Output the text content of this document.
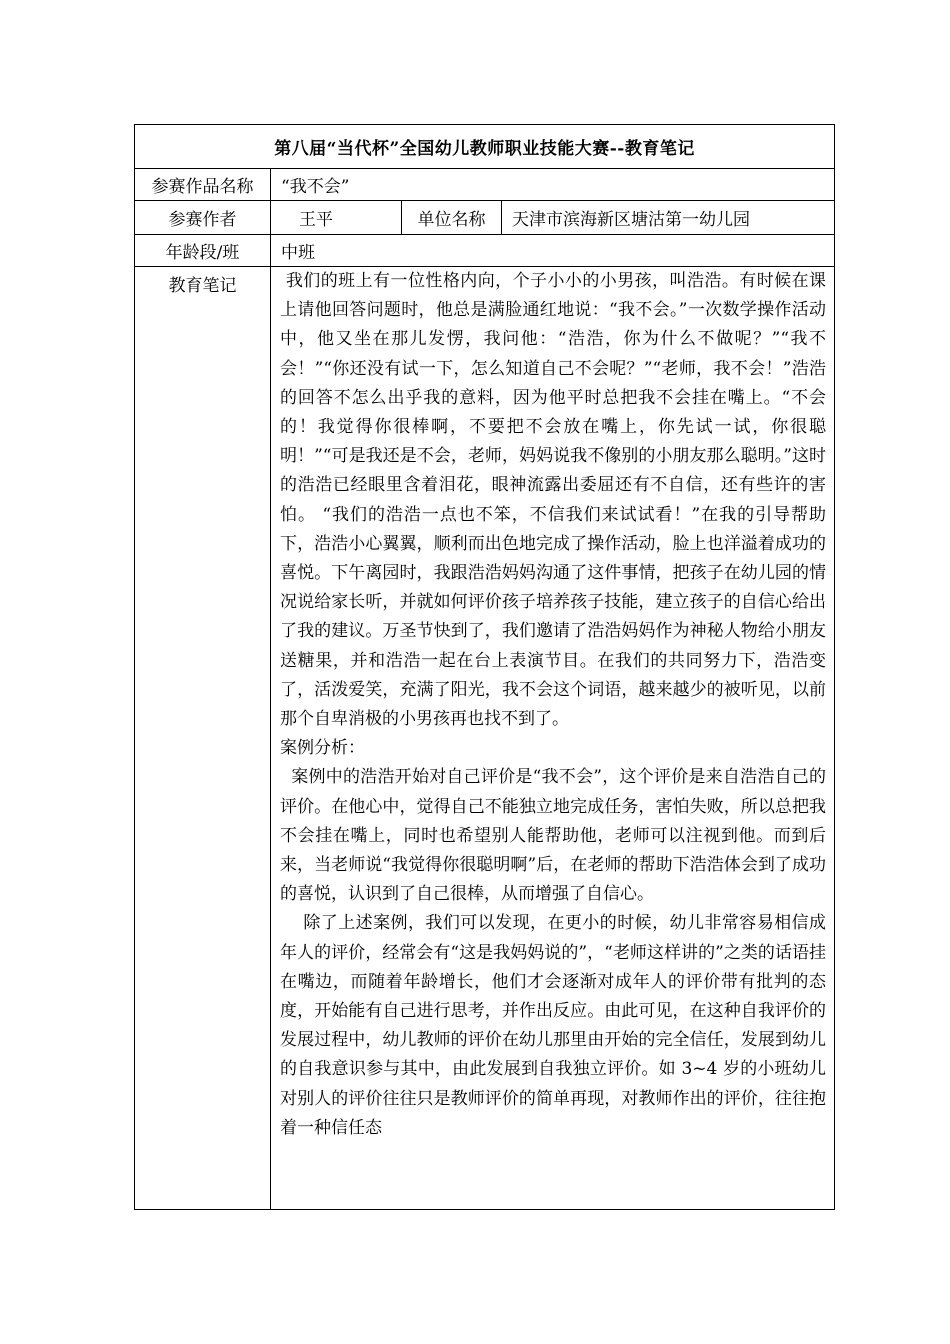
第八届“当代杯”全国幼儿教师职业技能大赛--教育笔记			
参赛作品名称	“我不会”		
参赛作者	王平	单位名称	天津市滨海新区塘沽第一幼儿园
年龄段/班	中班		
教育笔记	我们的班上有一位性格内向，个子小小的小男孩，叫浩浩。有时候在课上请他回答问题时，他总是满脸通红地说：“我不会。”一次数学操作活动中，他又坐在那儿发愣，我问他：“浩浩，你为什么不做呢？”“我不会！”“你还没有试一下，怎么知道自己不会呢？”“老师，我不会！”浩浩的回答不怎么出乎我的意料，因为他平时总把我不会挂在嘴上。“不会的！我觉得你很棒啊，不要把不会放在嘴上，你先试一试，你很聪明！”“可是我还是不会，老师，妈妈说我不像别的小朋友那么聪明。”这时的浩浩已经眼里含着泪花，眼神流露出委屈还有不自信，还有些许的害怕。 “我们的浩浩一点也不笨，不信我们来试试看！”在我的引导帮助下，浩浩小心翼翼，顺利而出色地完成了操作活动，脸上也洋溢着成功的喜悦。下午离园时，我跟浩浩妈妈沟通了这件事情，把孩子在幼儿园的情况说给家长听，并就如何评价孩子培养孩子技能，建立孩子的自信心给出了我的建议。万圣节快到了，我们邀请了浩浩妈妈作为神秘人物给小朋友送糖果，并和浩浩一起在台上表演节目。在我们的共同努力下，浩浩变了，活泼爱笑，充满了阳光，我不会这个词语，越来越少的被听见，以前那个自卑消极的小男孩再也找不到了。

案例分析：

案例中的浩浩开始对自己评价是“我不会”，这个评价是来自浩浩自己的评价。在他心中，觉得自己不能独立地完成任务，害怕失败，所以总把我不会挂在嘴上，同时也希望别人能帮助他，老师可以注视到他。而到后来，当老师说“我觉得你很聪明啊”后，在老师的帮助下浩浩体会到了成功的喜悦，认识到了自己很棒，从而增强了自信心。

除了上述案例，我们可以发现，在更小的时候，幼儿非常容易相信成年人的评价，经常会有“这是我妈妈说的”，“老师这样讲的”之类的话语挂在嘴边，而随着年龄增长，他们才会逐渐对成年人的评价带有批判的态度，开始能有自己进行思考，并作出反应。由此可见，在这种自我评价的发展过程中，幼儿教师的评价在幼儿那里由开始的完全信任，发展到幼儿的自我意识参与其中，由此发展到自我独立评价。如 3~4 岁的小班幼儿对别人的评价往往只是教师评价的简单再现，对教师作出的评价，往往抱着一种信任态		
